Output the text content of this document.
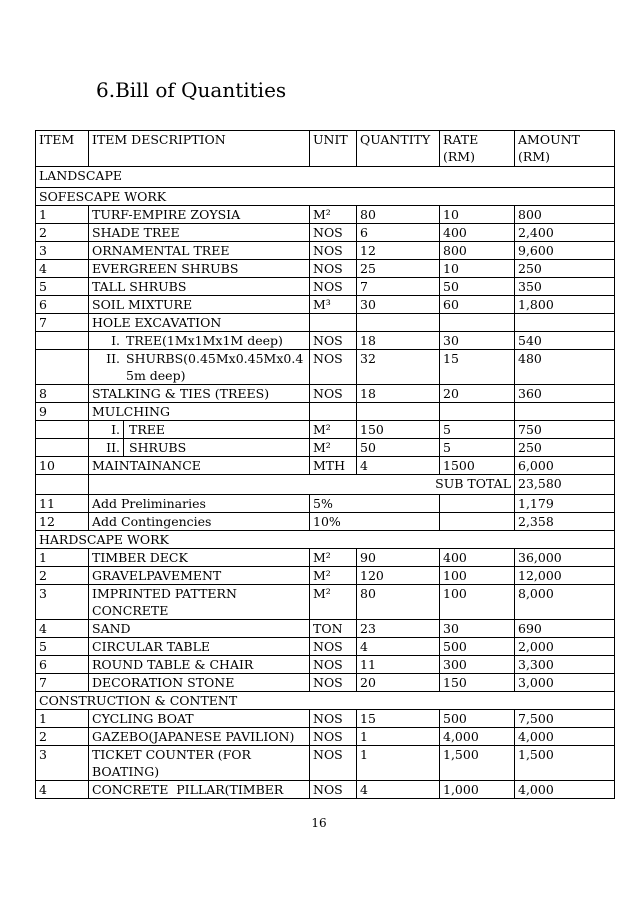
6.Bill of Quantities
ITEM	ITEM DESCRIPTION	UNIT	QUANTITY	RATE (RM)	AMOUNT (RM)
LANDSCAPE					
SOFESCAPE WORK					
1	TURF-EMPIRE ZOYSIA	M²	80	10	800
2	SHADE TREE	NOS	6	400	2,400
3	ORNAMENTAL TREE	NOS	12	800	9,600
4	EVERGREEN SHRUBS	NOS	25	10	250
5	TALL SHRUBS	NOS	7	50	350
6	SOIL MIXTURE	M³	30	60	1,800
7	HOLE EXCAVATION				

	I. TREE(1Mx1Mx1M deep)	NOS	18	30	540

	II. SHURBS(0.45Mx0.45Mx0.45m deep)	NOS	32	15	480
8	STALKING & TIES (TREES)	NOS	18	20	360
9	MULCHING				

	I. TREE	M²	150	5	750

	II. SHRUBS	M²	50	5	250
10	MAINTAINANCE	MTH	4	1500	6,000
	SUB TOTAL				23,580
11	Add Preliminaries	5%			1,179
12	Add Contingencies	10%			2,358
HARDSCAPE WORK					
1	TIMBER DECK	M²	90	400	36,000
2	GRAVELPAVEMENT	M²	120	100	12,000
3	IMPRINTED PATTERN CONCRETE	M²	80	100	8,000
4	SAND	TON	23	30	690
5	CIRCULAR TABLE	NOS	4	500	2,000
6	ROUND TABLE & CHAIR	NOS	11	300	3,300
7	DECORATION STONE	NOS	20	150	3,000
CONSTRUCTION & CONTENT					
1	CYCLING BOAT	NOS	15	500	7,500
2	GAZEBO(JAPANESE PAVILION)	NOS	1	4,000	4,000
3	TICKET COUNTER (FOR BOATING)	NOS	1	1,500	1,500
4	CONCRETE  PILLAR(TIMBER	NOS	4	1,000	4,000
16
